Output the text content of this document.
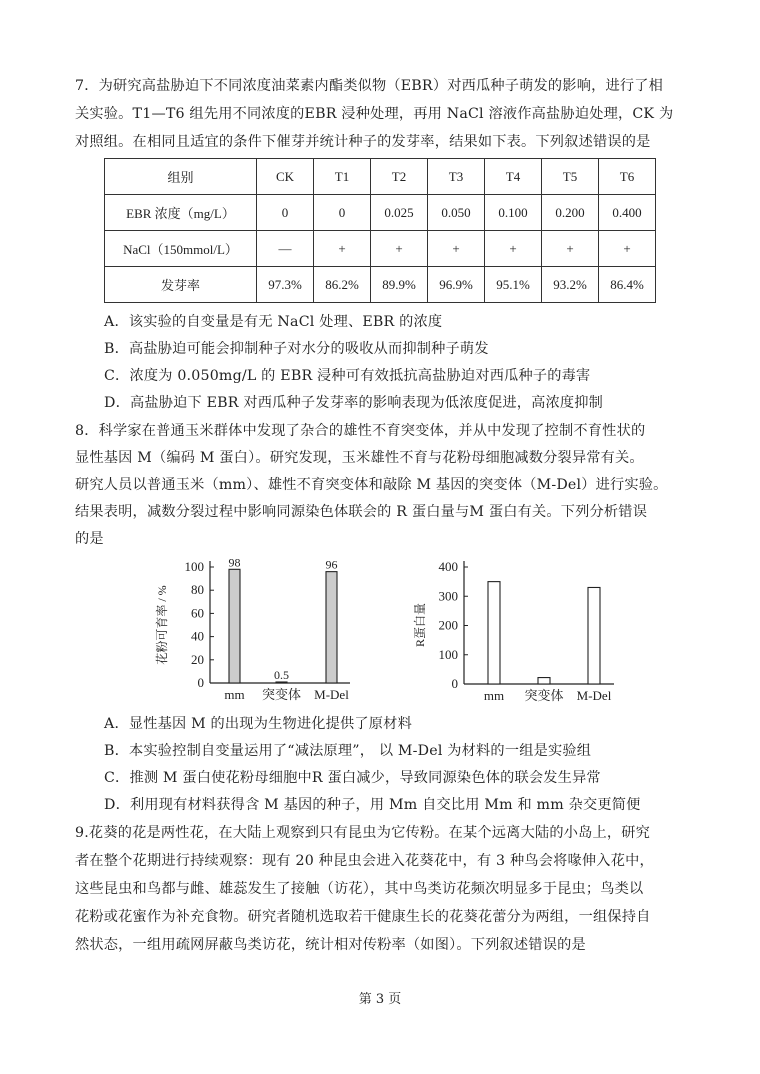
7．为研究高盐胁迫下不同浓度油菜素内酯类似物（EBR）对西瓜种子萌发的影响，进行了相
关实验。T1—T6 组先用不同浓度的EBR 浸种处理，再用 NaCl 溶液作高盐胁迫处理，CK 为
对照组。在相同且适宜的条件下催芽并统计种子的发芽率，结果如下表。下列叙述错误的是
组别	CK	T1	T2	T3	T4	T5	T6
EBR 浓度（mg/L）	0	0	0.025	0.050	0.100	0.200	0.400
NaCl（150mmol/L）	—	+	+	+	+	+	+
发芽率	97.3%	86.2%	89.9%	96.9%	95.1%	93.2%	86.4%
A．该实验的自变量是有无 NaCl 处理、EBR 的浓度
B．高盐胁迫可能会抑制种子对水分的吸收从而抑制种子萌发
C．浓度为 0.050mg/L 的 EBR 浸种可有效抵抗高盐胁迫对西瓜种子的毒害
D．高盐胁迫下 EBR 对西瓜种子发芽率的影响表现为低浓度促进，高浓度抑制
8．科学家在普通玉米群体中发现了杂合的雄性不育突变体，并从中发现了控制不育性状的
显性基因 M（编码 M 蛋白）。研究发现，玉米雄性不育与花粉母细胞减数分裂异常有关。
研究人员以普通玉米（mm）、雄性不育突变体和敲除 M 基因的突变体（M-Del）进行实验。
结果表明，减数分裂过程中影响同源染色体联会的 R 蛋白量与M 蛋白有关。下列分析错误
的是
0
20
40
60
80
100
花粉可育率 / %
98
mm
0.5
突变体
96
M-Del
0
100
200
300
400
R蛋白量
mm 突变体 M-Del
A．显性基因 M 的出现为生物进化提供了原材料
B．本实验控制自变量运用了“减法原理”， 以 M-Del 为材料的一组是实验组
C．推测 M 蛋白使花粉母细胞中R 蛋白减少，导致同源染色体的联会发生异常
D．利用现有材料获得含 M 基因的种子，用 Mm 自交比用 Mm 和 mm 杂交更简便
9.花葵的花是两性花，在大陆上观察到只有昆虫为它传粉。在某个远离大陆的小岛上，研究
者在整个花期进行持续观察：现有 20 种昆虫会进入花葵花中，有 3 种鸟会将喙伸入花中，
这些昆虫和鸟都与雌、雄蕊发生了接触（访花），其中鸟类访花频次明显多于昆虫；鸟类以
花粉或花蜜作为补充食物。研究者随机选取若干健康生长的花葵花蕾分为两组，一组保持自
然状态，一组用疏网屏蔽鸟类访花，统计相对传粉率（如图）。下列叙述错误的是
第 3 页
